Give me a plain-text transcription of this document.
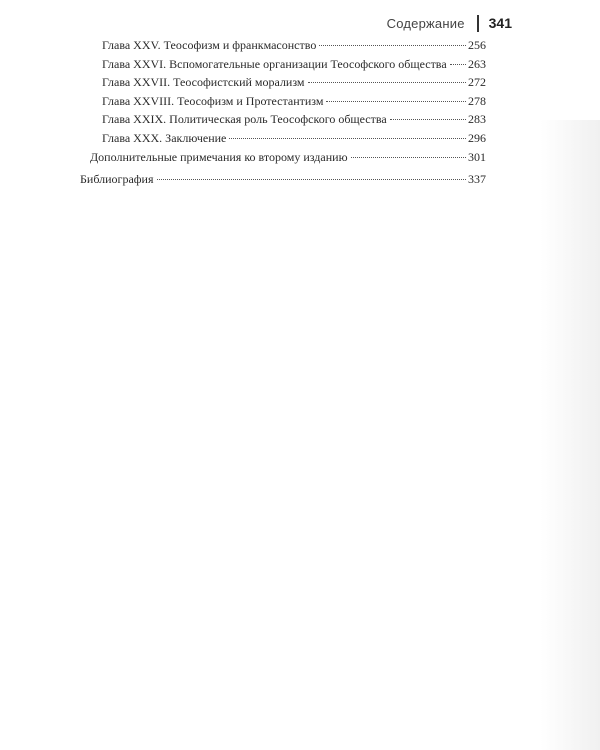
Содержание 341
Глава XXV. Теософизм и франкмасонство	256
Глава XXVI. Вспомогательные организации Теософского общества 263
Глава XXVII. Теософистский морализм	272
Глава XXVIII. Теософизм и Протестантизм	278
Глава XXIX. Политическая роль Теософского общества	283
Глава XXX. Заключение	296
Дополнительные примечания ко второму изданию	301
Библиография	337
